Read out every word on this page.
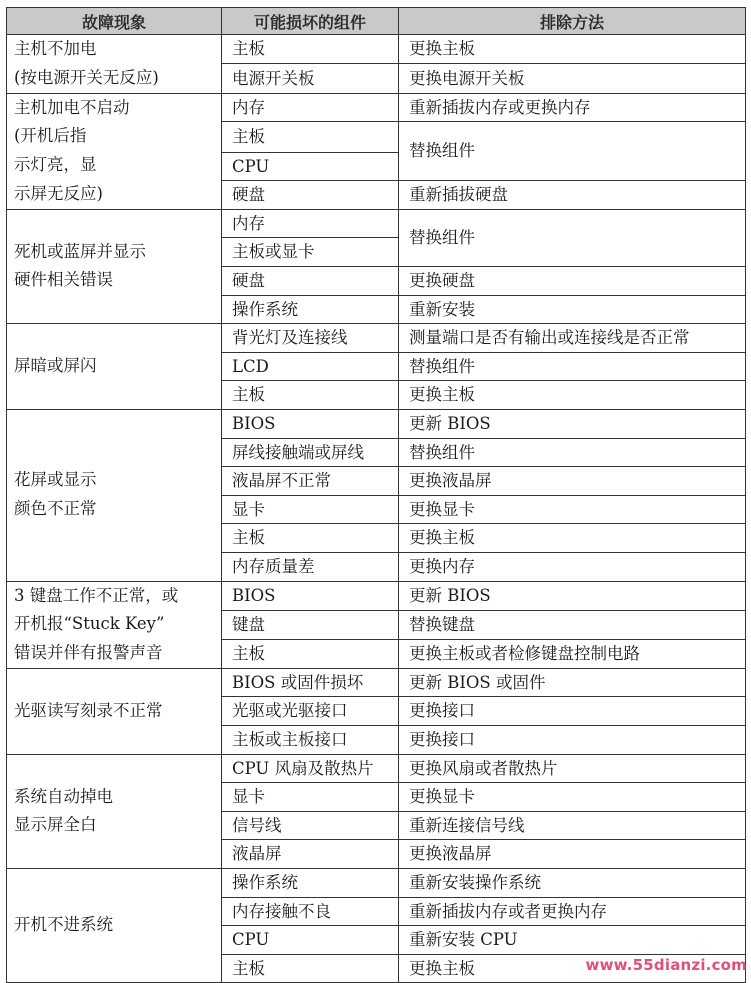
故障现象	可能损坏的组件	排除方法
主机不加电
(按电源开关无反应)	主板	更换主板
	电源开关板	更换电源开关板
主机加电不启动
(开机后指
示灯亮，显
示屏无反应)	内存	重新插拔内存或更换内存
	主板	替换组件
	CPU	
	硬盘	重新插拔硬盘
死机或蓝屏并显示
硬件相关错误	内存	替换组件
	主板或显卡	
	硬盘	更换硬盘
	操作系统	重新安装
屏暗或屏闪	背光灯及连接线	测量端口是否有输出或连接线是否正常
	LCD	替换组件
	主板	更换主板
花屏或显示
颜色不正常	BIOS	更新 BIOS
	屏线接触端或屏线	替换组件
	液晶屏不正常	更换液晶屏
	显卡	更换显卡
	主板	更换主板
	内存质量差	更换内存
3 键盘工作不正常，或
开机报“Stuck Key”
错误并伴有报警声音	BIOS	更新 BIOS
	键盘	替换键盘
	主板	更换主板或者检修键盘控制电路
光驱读写刻录不正常	BIOS 或固件损坏	更新 BIOS 或固件
	光驱或光驱接口	更换接口
	主板或主板接口	更换接口
系统自动掉电
显示屏全白	CPU 风扇及散热片	更换风扇或者散热片
	显卡	更换显卡
	信号线	重新连接信号线
	液晶屏	更换液晶屏
开机不进系统	操作系统	重新安装操作系统
	内存接触不良	重新插拔内存或者更换内存
	CPU	重新安装 CPU
	主板	更换主板	www.55dianzi.com
